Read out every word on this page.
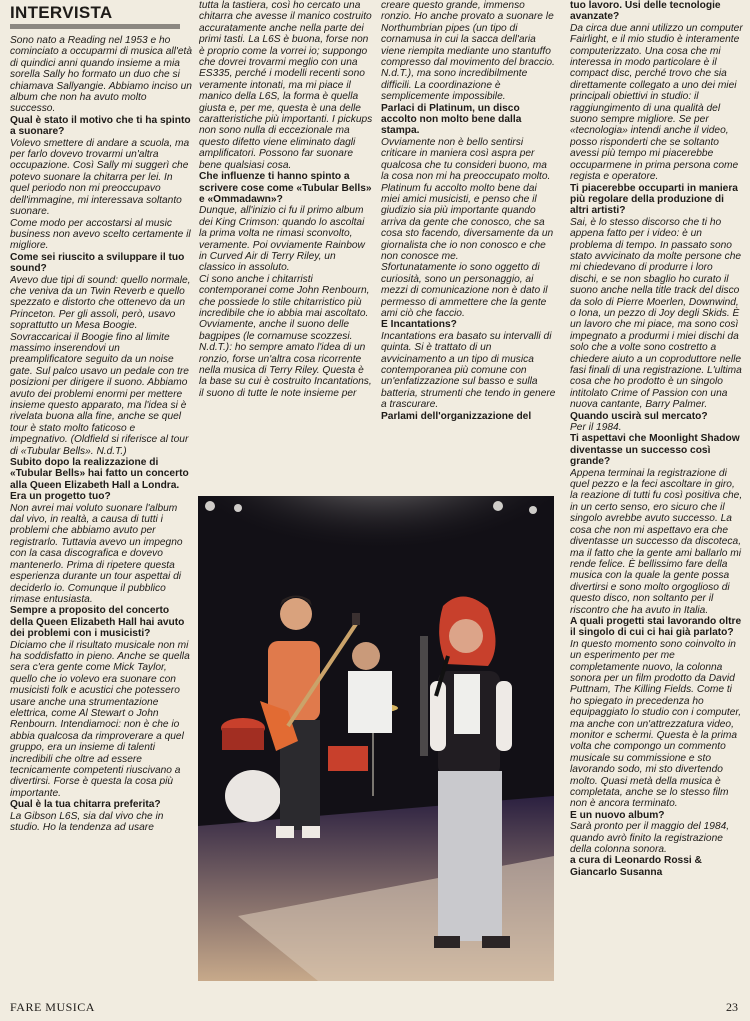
INTERVISTA

Sono nato a Reading nel 1953 e ho cominciato a occuparmi di musica all'età di quindici anni quando insieme a mia sorella Sally ho formato un duo che si chiamava Sallyangie. Abbiamo inciso un album che non ha avuto molto successo.

Qual è stato il motivo che ti ha spinto a suonare?

Volevo smettere di andare a scuola, ma per farlo dovevo trovarmi un'altra occupazione. Così Sally mi suggerì che potevo suonare la chitarra per lei. In quel periodo non mi preoccupavo dell'immagine, mi interessava soltanto suonare.

Come modo per accostarsi al music business non avevo scelto certamente il migliore.

Come sei riuscito a sviluppare il tuo sound?

Avevo due tipi di sound: quello normale, che veniva da un Twin Reverb e quello spezzato e distorto che ottenevo da un Princeton. Per gli assoli, però, usavo soprattutto un Mesa Boogie. Sovraccaricai il Boogie fino al limite massimo inserendovi un preamplificatore seguito da un noise gate. Sul palco usavo un pedale con tre posizioni per dirigere il suono. Abbiamo avuto dei problemi enormi per mettere insieme questo apparato, ma l'idea si è rivelata buona alla fine, anche se quel tour è stato molto faticoso e impegnativo. (Oldfield si riferisce al tour di «Tubular Bells». N.d.T.)

Subito dopo la realizzazione di «Tubular Bells» hai fatto un concerto alla Queen Elizabeth Hall a Londra. Era un progetto tuo?

Non avrei mai voluto suonare l'album dal vivo, in realtà, a causa di tutti i problemi che abbiamo avuto per registrarlo. Tuttavia avevo un impegno con la casa discografica e dovevo mantenerlo. Prima di ripetere questa esperienza durante un tour aspettai di deciderlo io. Comunque il pubblico rimase entusiasta.

Sempre a proposito del concerto della Queen Elizabeth Hall hai avuto dei problemi con i musicisti?

Diciamo che il risultato musicale non mi ha soddisfatto in pieno. Anche se quella sera c'era gente come Mick Taylor, quello che io volevo era suonare con musicisti folk e acustici che potessero usare anche una strumentazione elettrica, come Al Stewart o John Renbourn. Intendiamoci: non è che io abbia qualcosa da rimproverare a quel gruppo, era un insieme di talenti incredibili che oltre ad essere tecnicamente competenti riuscivano a divertirsi. Forse è questa la cosa più importante.

Qual è la tua chitarra preferita?

La Gibson L6S, sia dal vivo che in studio. Ho la tendenza ad usare

tutta la tastiera, così ho cercato una chitarra che avesse il manico costruito accuratamente anche nella parte dei primi tasti. La L6S è buona, forse non è proprio come la vorrei io; suppongo che dovrei trovarmi meglio con una ES335, perché i modelli recenti sono veramente intonati, ma mi piace il manico della L6S, la forma è quella giusta e, per me, questa è una delle caratteristiche più importanti. I pickups non sono nulla di eccezionale ma questo difetto viene eliminato dagli amplificatori. Possono far suonare bene qualsiasi cosa.

Che influenze ti hanno spinto a scrivere cose come «Tubular Bells» e «Ommadawn»?

Dunque, all'inizio ci fu il primo album dei King Crimson: quando lo ascoltai la prima volta ne rimasi sconvolto, veramente. Poi ovviamente Rainbow in Curved Air di Terry Riley, un classico in assoluto.

Ci sono anche i chitarristi contemporanei come John Renbourn, che possiede lo stile chitarristico più incredibile che io abbia mai ascoltato. Ovviamente, anche il suono delle bagpipes (le cornamuse scozzesi. N.d.T.): ho sempre amato l'idea di un ronzio, forse un'altra cosa ricorrente nella musica di Terry Riley. Questa è la base su cui è costruito Incantations, il suono di tutte le note insieme per

creare questo grande, immenso ronzio. Ho anche provato a suonare le Northumbrian pipes (un tipo di cornamusa in cui la sacca dell'aria viene riempita mediante uno stantuffo compresso dal movimento del braccio. N.d.T.), ma sono incredibilmente difficili. La coordinazione è semplicemente impossibile.

Parlaci di Platinum, un disco accolto non molto bene dalla stampa.

Ovviamente non è bello sentirsi criticare in maniera così aspra per qualcosa che tu consideri buono, ma la cosa non mi ha preoccupato molto. Platinum fu accolto molto bene dai miei amici musicisti, e penso che il giudizio sia più importante quando arriva da gente che conosco, che sa cosa sto facendo, diversamente da un giornalista che io non conosco e che non conosce me.

Sfortunatamente io sono oggetto di curiosità, sono un personaggio, ai mezzi di comunicazione non è dato il permesso di ammettere che la gente ami ciò che faccio.

E Incantations?

Incantations era basato su intervalli di quinta. Si è trattato di un avvicinamento a un tipo di musica contemporanea più comune con un'enfatizzazione sul basso e sulla batteria, strumenti che tendo in genere a trascurare.

Parlami dell'organizzazione del

tuo lavoro. Usi delle tecnologie avanzate?

Da circa due anni utilizzo un computer Fairlight, e il mio studio è interamente computerizzato. Una cosa che mi interessa in modo particolare è il compact disc, perché trovo che sia direttamente collegato a uno dei miei principali obiettivi in studio: il raggiungimento di una qualità del suono sempre migliore. Se per «tecnologia» intendi anche il video, posso risponderti che se soltanto avessi più tempo mi piacerebbe occuparmene in prima persona come regista e operatore.

Ti piacerebbe occuparti in maniera più regolare della produzione di altri artisti?

Sai, è lo stesso discorso che ti ho appena fatto per i video: è un problema di tempo. In passato sono stato avvicinato da molte persone che mi chiedevano di produrre i loro dischi, e se non sbaglio ho curato il suono anche nella title track del disco da solo di Pierre Moerlen, Downwind, o Iona, un pezzo di Joy degli Skids. È un lavoro che mi piace, ma sono così impegnato a produrmi i miei dischi da solo che a volte sono costretto a chiedere aiuto a un coproduttore nelle fasi finali di una registrazione. L'ultima cosa che ho prodotto è un singolo intitolato Crime of Passion con una nuova cantante, Barry Palmer.

Quando uscirà sul mercato?

Per il 1984.

Ti aspettavi che Moonlight Shadow diventasse un successo così grande?

Appena terminai la registrazione di quel pezzo e la feci ascoltare in giro, la reazione di tutti fu così positiva che, in un certo senso, ero sicuro che il singolo avrebbe avuto successo. La cosa che non mi aspettavo era che diventasse un successo da discoteca, ma il fatto che la gente ami ballarlo mi rende felice. È bellissimo fare della musica con la quale la gente possa divertirsi e sono molto orgoglioso di questo disco, non soltanto per il riscontro che ha avuto in Italia.

A quali progetti stai lavorando oltre il singolo di cui ci hai già parlato?

In questo momento sono coinvolto in un esperimento per me completamente nuovo, la colonna sonora per un film prodotto da David Puttnam, The Killing Fields. Come ti ho spiegato in precedenza ho equipaggiato lo studio con i computer, ma anche con un'attrezzatura video, monitor e schermi. Questa è la prima volta che compongo un commento musicale su commissione e sto lavorando sodo, mi sto divertendo molto. Quasi metà della musica è completata, anche se lo stesso film non è ancora terminato.

E un nuovo album?

Sarà pronto per il maggio del 1984, quando avrò finito la registrazione della colonna sonora.

a cura di Leonardo Rossi & Giancarlo Susanna

FARE MUSICA	23
